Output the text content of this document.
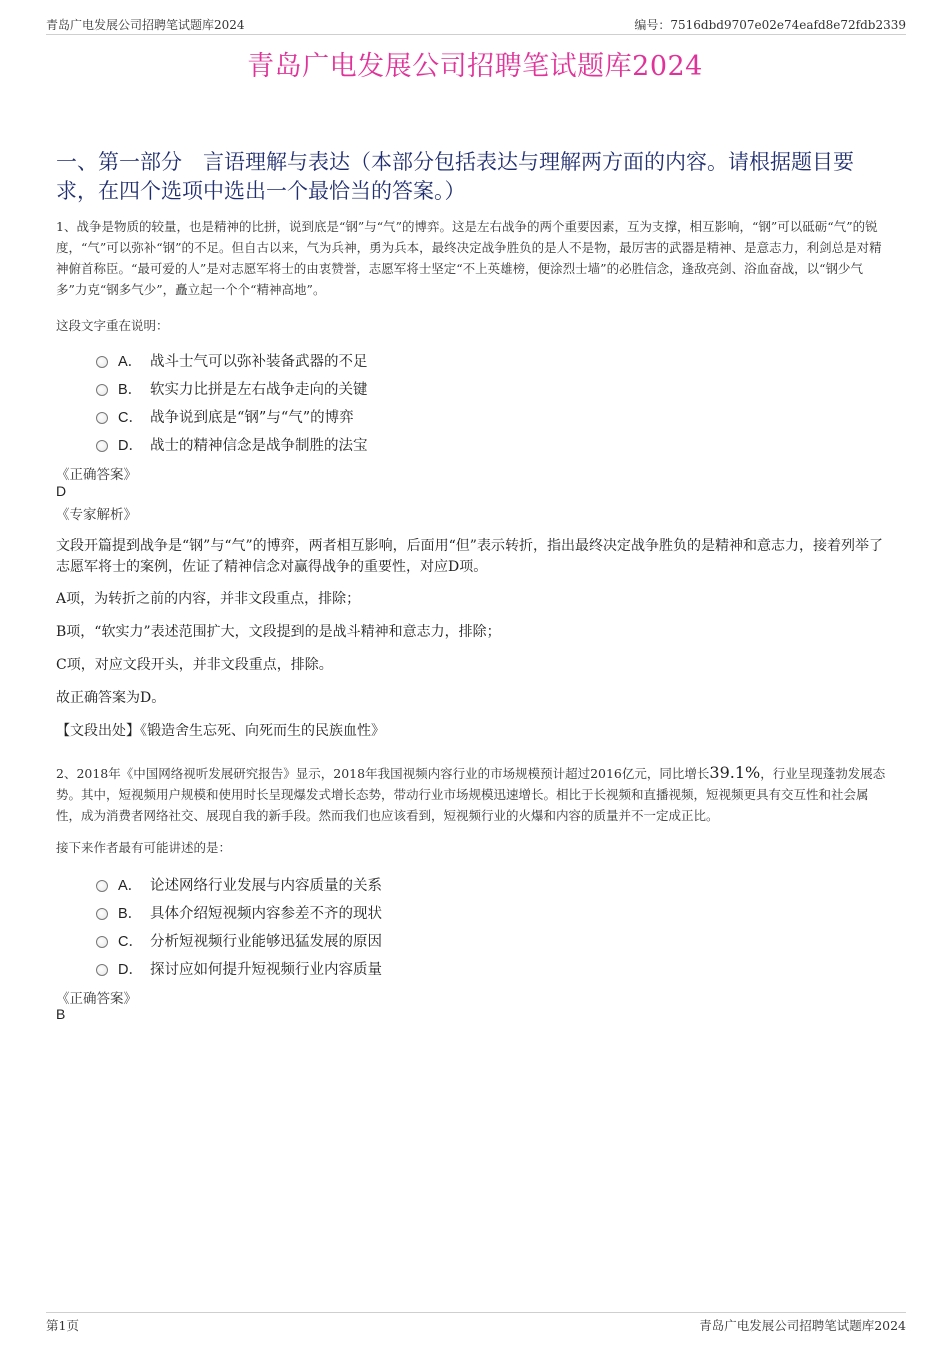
青岛广电发展公司招聘笔试题库2024	编号：7516dbd9707e02e74eafd8e72fdb2339
青岛广电发展公司招聘笔试题库2024
一、第一部分　言语理解与表达（本部分包括表达与理解两方面的内容。请根据题目要求，在四个选项中选出一个最恰当的答案。）
1、战争是物质的较量，也是精神的比拼，说到底是“钢”与“气”的博弈。这是左右战争的两个重要因素，互为支撑，相互影响，“钢”可以砥砺“气”的锐度，“气”可以弥补“钢”的不足。但自古以来，气为兵神，勇为兵本，最终决定战争胜负的是人不是物，最厉害的武器是精神、是意志力，利剑总是对精神俯首称臣。“最可爱的人”是对志愿军将士的由衷赞誉，志愿军将士坚定“不上英雄榜，便涂烈士墙”的必胜信念，逢敌亮剑、浴血奋战，以“钢少气多”力克“钢多气少”，矗立起一个个“精神高地”。
这段文字重在说明：
A． 战斗士气可以弥补装备武器的不足
B． 软实力比拼是左右战争走向的关键
C． 战争说到底是“钢”与“气”的博弈
D． 战士的精神信念是战争制胜的法宝
《正确答案》
D
《专家解析》
文段开篇提到战争是“钢”与“气”的博弈，两者相互影响，后面用“但”表示转折，指出最终决定战争胜负的是精神和意志力，接着列举了志愿军将士的案例，佐证了精神信念对赢得战争的重要性，对应D项。
A项，为转折之前的内容，并非文段重点，排除；
B项，“软实力”表述范围扩大，文段提到的是战斗精神和意志力，排除；
C项，对应文段开头，并非文段重点，排除。
故正确答案为D。
【文段出处】《锻造舍生忘死、向死而生的民族血性》
2、2018年《中国网络视听发展研究报告》显示，2018年我国视频内容行业的市场规模预计超过2016亿元，同比增长39.1%，行业呈现蓬勃发展态势。其中，短视频用户规模和使用时长呈现爆发式增长态势，带动行业市场规模迅速增长。相比于长视频和直播视频，短视频更具有交互性和社会属性，成为消费者网络社交、展现自我的新手段。然而我们也应该看到，短视频行业的火爆和内容的质量并不一定成正比。
接下来作者最有可能讲述的是：
A． 论述网络行业发展与内容质量的关系
B． 具体介绍短视频内容参差不齐的现状
C． 分析短视频行业能够迅猛发展的原因
D． 探讨应如何提升短视频行业内容质量
《正确答案》
B
第1页	青岛广电发展公司招聘笔试题库2024
